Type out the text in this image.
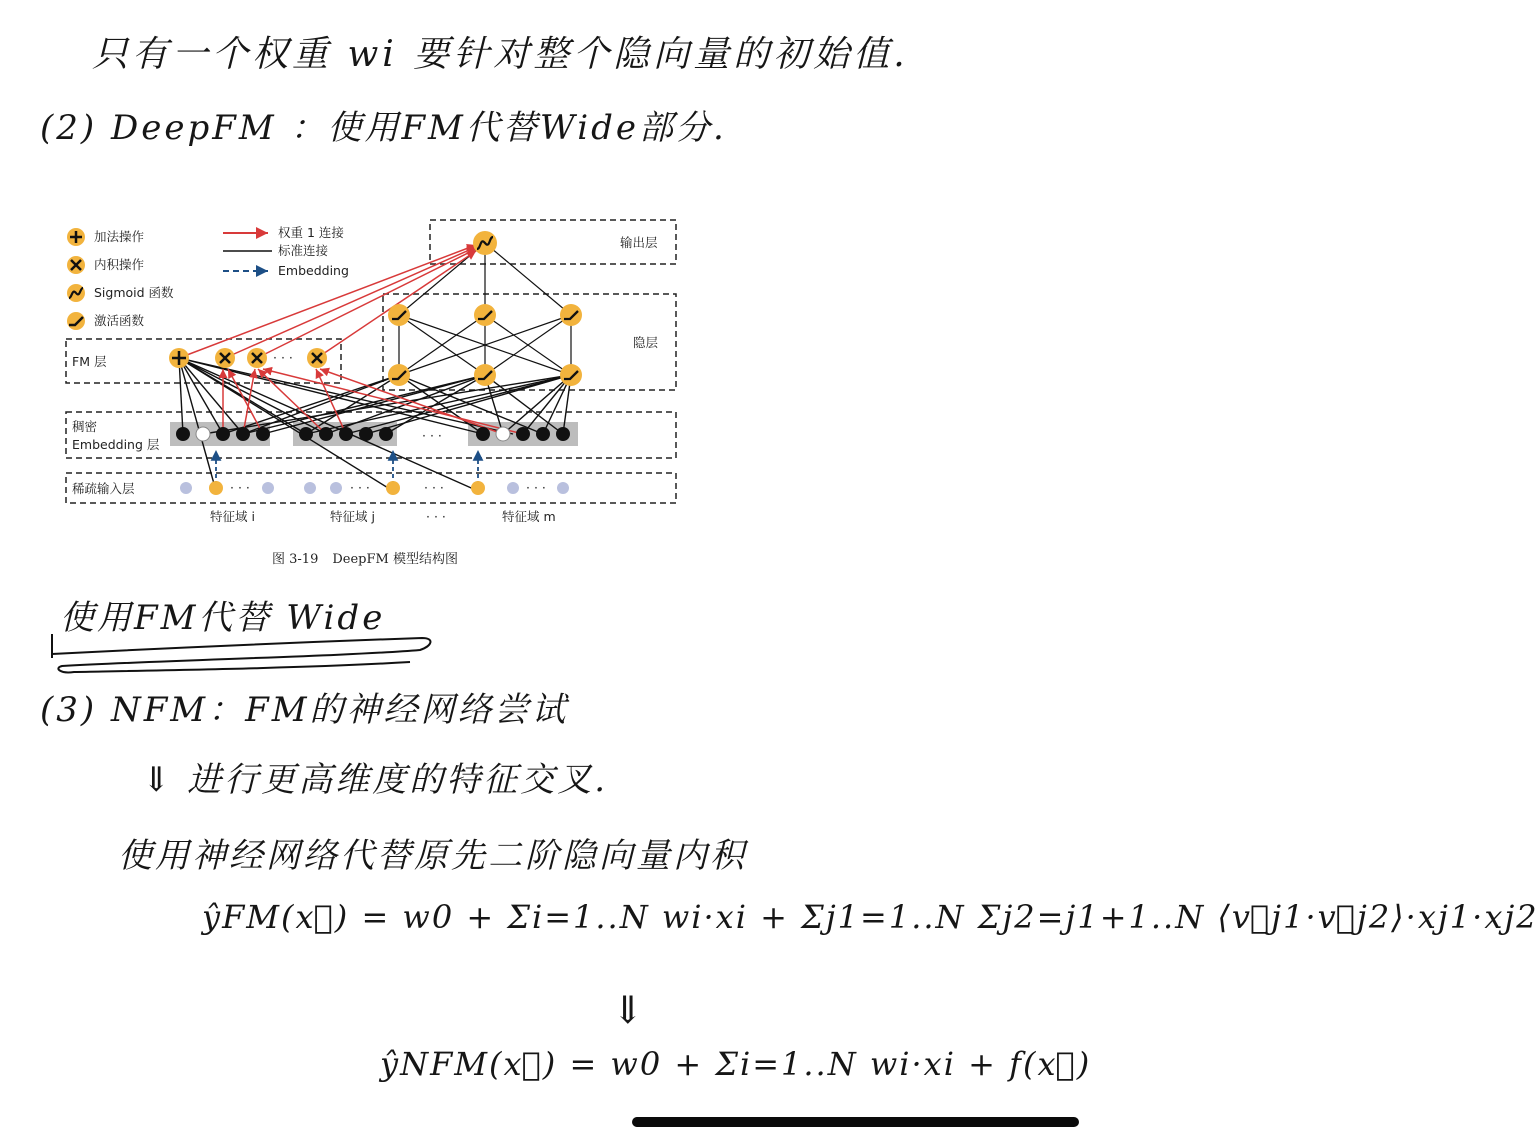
只有一个权重 wi 要针对整个隐向量的初始值.
(2) DeepFM ：使用FM代替Wide部分.
加法操作
内积操作
Sigmoid 函数
激活函数
权重 1 连接
标准连接
Embedding
输出层
隐层
FM 层
稠密
Embedding 层
稀疏输入层
· · ·
· · ·	· · ·	· · ·	· · ·
· · ·
特征域 i	特征域 j	· · ·	特征域 m
图 3-19 DeepFM 模型结构图
使用FM代替 Wide
(3) NFM：FM的神经网络尝试
⇓ 进行更高维度的特征交叉.
使用神经网络代替原先二阶隐向量内积
ŷFM(x⃗) = w0 + Σi=1..N wi·xi + Σj1=1..N Σj2=j1+1..N ⟨v⃗j1·v⃗j2⟩·xj1·xj2
⇓
ŷNFM(x⃗) = w0 + Σi=1..N wi·xi + f(x⃗)
